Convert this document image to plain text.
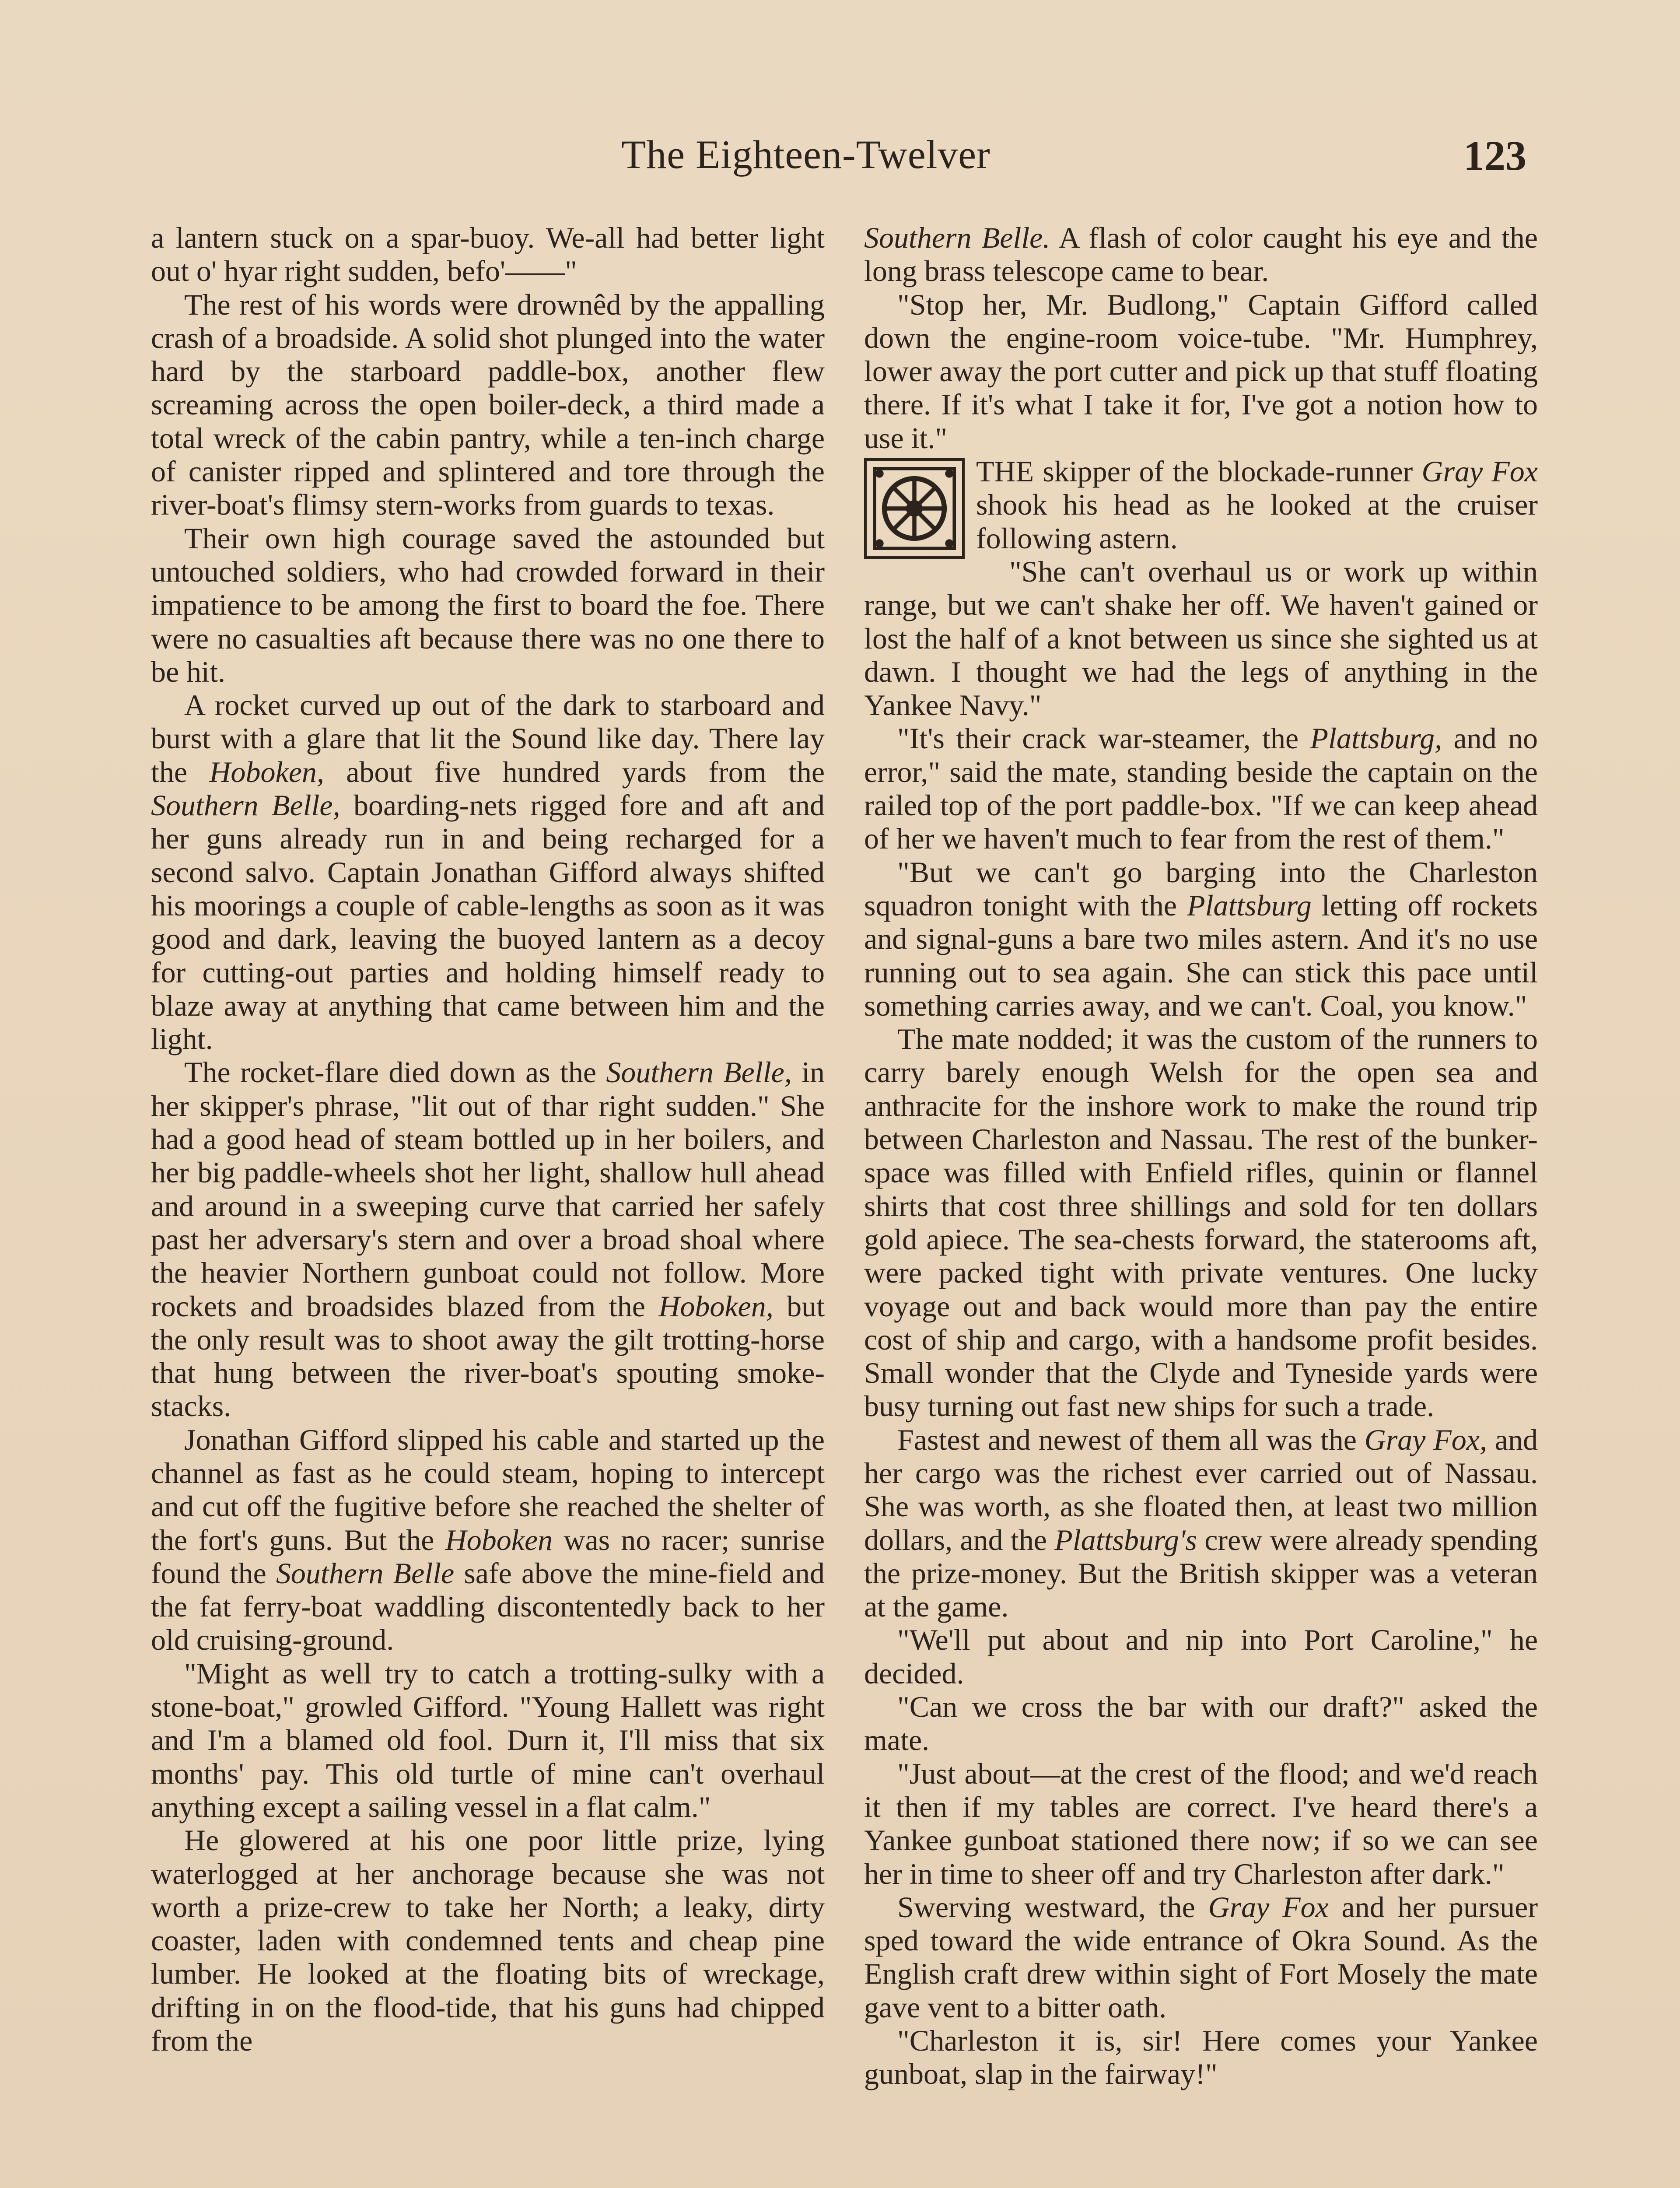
The Eighteen-Twelver	123

a lantern stuck on a spar-buoy. We-all had better light out o' hyar right sudden, befo'——"

The rest of his words were drownêd by the appalling crash of a broadside. A solid shot plunged into the water hard by the starboard paddle-box, another flew screaming across the open boiler-deck, a third made a total wreck of the cabin pantry, while a ten-inch charge of canister ripped and splintered and tore through the river-boat's flimsy stern-works from guards to texas.

Their own high courage saved the astounded but untouched soldiers, who had crowded forward in their impatience to be among the first to board the foe. There were no casualties aft because there was no one there to be hit.

A rocket curved up out of the dark to starboard and burst with a glare that lit the Sound like day. There lay the Hoboken, about five hundred yards from the Southern Belle, boarding-nets rigged fore and aft and her guns already run in and being recharged for a second salvo. Captain Jonathan Gifford always shifted his moorings a couple of cable-lengths as soon as it was good and dark, leaving the buoyed lantern as a decoy for cutting-out parties and holding himself ready to blaze away at anything that came between him and the light.

The rocket-flare died down as the Southern Belle, in her skipper's phrase, "lit out of thar right sudden." She had a good head of steam bottled up in her boilers, and her big paddle-wheels shot her light, shallow hull ahead and around in a sweeping curve that carried her safely past her adversary's stern and over a broad shoal where the heavier Northern gunboat could not follow. More rockets and broadsides blazed from the Hoboken, but the only result was to shoot away the gilt trotting-horse that hung between the river-boat's spouting smoke-stacks.

Jonathan Gifford slipped his cable and started up the channel as fast as he could steam, hoping to intercept and cut off the fugitive before she reached the shelter of the fort's guns. But the Hoboken was no racer; sunrise found the Southern Belle safe above the mine-field and the fat ferry-boat waddling discontentedly back to her old cruising-ground.

"Might as well try to catch a trotting-sulky with a stone-boat," growled Gifford. "Young Hallett was right and I'm a blamed old fool. Durn it, I'll miss that six months' pay. This old turtle of mine can't overhaul anything except a sailing vessel in a flat calm."

He glowered at his one poor little prize, lying waterlogged at her anchorage because she was not worth a prize-crew to take her North; a leaky, dirty coaster, laden with condemned tents and cheap pine lumber. He looked at the floating bits of wreckage, drifting in on the flood-tide, that his guns had chipped from the

Southern Belle. A flash of color caught his eye and the long brass telescope came to bear.

"Stop her, Mr. Budlong," Captain Gifford called down the engine-room voice-tube. "Mr. Humphrey, lower away the port cutter and pick up that stuff floating there. If it's what I take it for, I've got a notion how to use it."

THE skipper of the blockade-runner Gray Fox shook his head as he looked at the cruiser following astern.

"She can't overhaul us or work up within range, but we can't shake her off. We haven't gained or lost the half of a knot between us since she sighted us at dawn. I thought we had the legs of anything in the Yankee Navy."

"It's their crack war-steamer, the Plattsburg, and no error," said the mate, standing beside the captain on the railed top of the port paddle-box. "If we can keep ahead of her we haven't much to fear from the rest of them."

"But we can't go barging into the Charleston squadron tonight with the Plattsburg letting off rockets and signal-guns a bare two miles astern. And it's no use running out to sea again. She can stick this pace until something carries away, and we can't. Coal, you know."

The mate nodded; it was the custom of the runners to carry barely enough Welsh for the open sea and anthracite for the inshore work to make the round trip between Charleston and Nassau. The rest of the bunker-space was filled with Enfield rifles, quinin or flannel shirts that cost three shillings and sold for ten dollars gold apiece. The sea-chests forward, the staterooms aft, were packed tight with private ventures. One lucky voyage out and back would more than pay the entire cost of ship and cargo, with a handsome profit besides. Small wonder that the Clyde and Tyneside yards were busy turning out fast new ships for such a trade.

Fastest and newest of them all was the Gray Fox, and her cargo was the richest ever carried out of Nassau. She was worth, as she floated then, at least two million dollars, and the Plattsburg's crew were already spending the prize-money. But the British skipper was a veteran at the game.

"We'll put about and nip into Port Caroline," he decided.

"Can we cross the bar with our draft?" asked the mate.

"Just about—at the crest of the flood; and we'd reach it then if my tables are correct. I've heard there's a Yankee gunboat stationed there now; if so we can see her in time to sheer off and try Charleston after dark."

Swerving westward, the Gray Fox and her pursuer sped toward the wide entrance of Okra Sound. As the English craft drew within sight of Fort Mosely the mate gave vent to a bitter oath.

"Charleston it is, sir! Here comes your Yankee gunboat, slap in the fairway!"
